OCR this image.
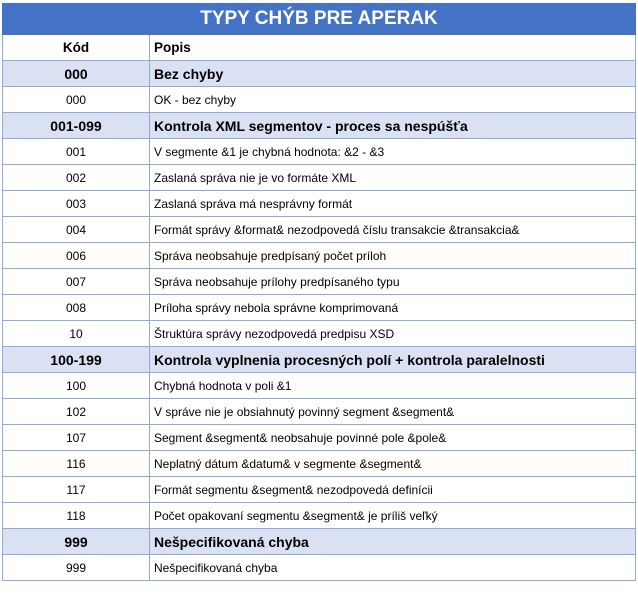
TYPY CHÝB PRE APERAK	
Kód	Popis
000	Bez chyby
000	OK - bez chyby
001-099	Kontrola XML segmentov - proces sa nespúšťa
001	V segmente &1 je chybná hodnota: &2 - &3
002	Zaslaná správa nie je vo formáte XML
003	Zaslaná správa má nesprávny formát
004	Formát správy &format& nezodpovedá číslu transakcie &transakcia&
006	Správa neobsahuje predpísaný počet príloh
007	Správa neobsahuje prílohy predpísaného typu
008	Príloha správy nebola správne komprimovaná
10	Štruktúra správy nezodpovedá predpisu XSD
100-199	Kontrola vyplnenia procesných polí + kontrola paralelnosti
100	Chybná hodnota v poli &1
102	V správe nie je obsiahnutý povinný segment &segment&
107	Segment &segment& neobsahuje povinné pole &pole&
116	Neplatný dátum &datum& v segmente &segment&
117	Formát segmentu &segment& nezodpovedá definícii
118	Počet opakovaní segmentu &segment& je príliš veľký
999	Nešpecifikovaná chyba
999	Nešpecifikovaná chyba
